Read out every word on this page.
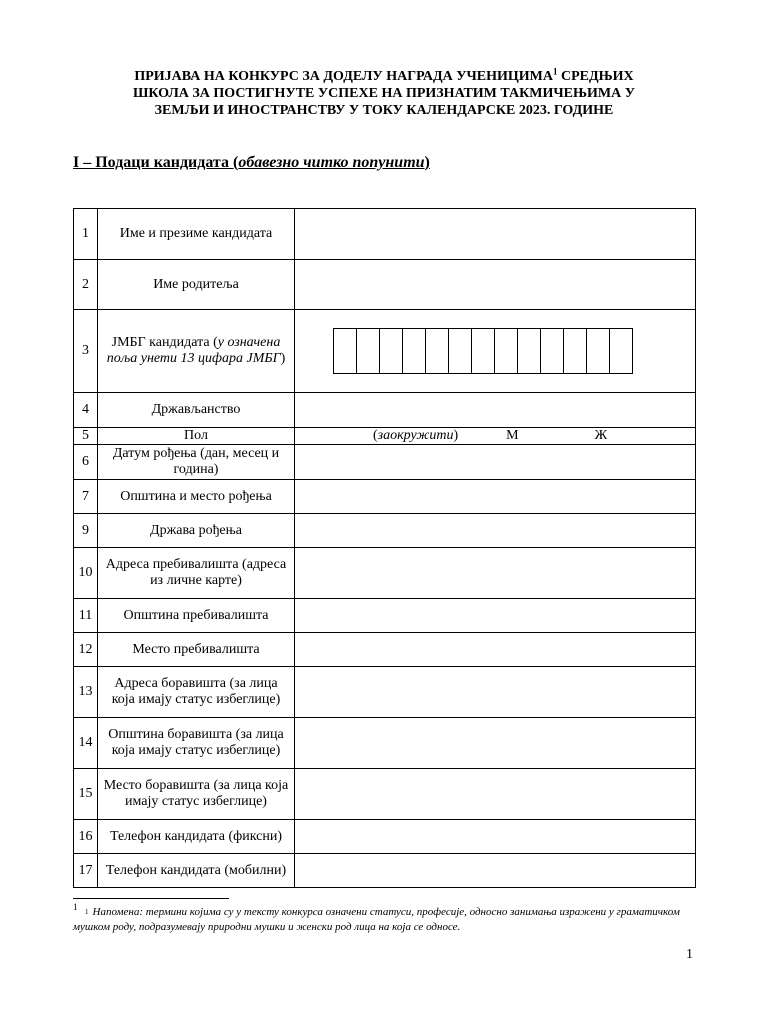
ПРИЈАВА НА КОНКУРС ЗА ДОДЕЛУ НАГРАДА УЧЕНИЦИМА$^1$ СРЕДЊИХ
ШКОЛА ЗА ПОСТИГНУТЕ УСПЕХЕ НА ПРИЗНАТИМ ТАКМИЧЕЊИМА У
ЗЕМЉИ И ИНОСТРАНСТВУ У ТОКУ КАЛЕНДАРСКЕ 2023. ГОДИНЕ
I – Подаци кандидата (обавезно читко попунити)
1	Име и презиме кандидата	
2	Име родитеља	
3	ЈМБГ кандидата (у означена поља унети 13 цифара ЈМБГ)	

4	Држављанство	
5	Пол	(заокружити) М Ж

6	Датум рођења (дан, месец и година)	
7	Општина и место рођења	
9	Држава рођења	
10	Адреса пребивалишта (адреса из личне карте)	
11	Општина пребивалишта	
12	Место пребивалишта	
13	Адреса боравишта (за лица која имају статус избеглице)	
14	Општина боравишта (за лица која имају статус избеглице)	
15	Место боравишта (за лица која имају статус избеглице)	
16	Телефон кандидата (фиксни)	
17	Телефон кандидата (мобилни)	
1	1 Напомена: термини којима су у тексту конкурса означени статуси, професије, односно занимања изражени у граматичком мушком роду, подразумевају природни мушки и женски род лица на која се односе.
1
